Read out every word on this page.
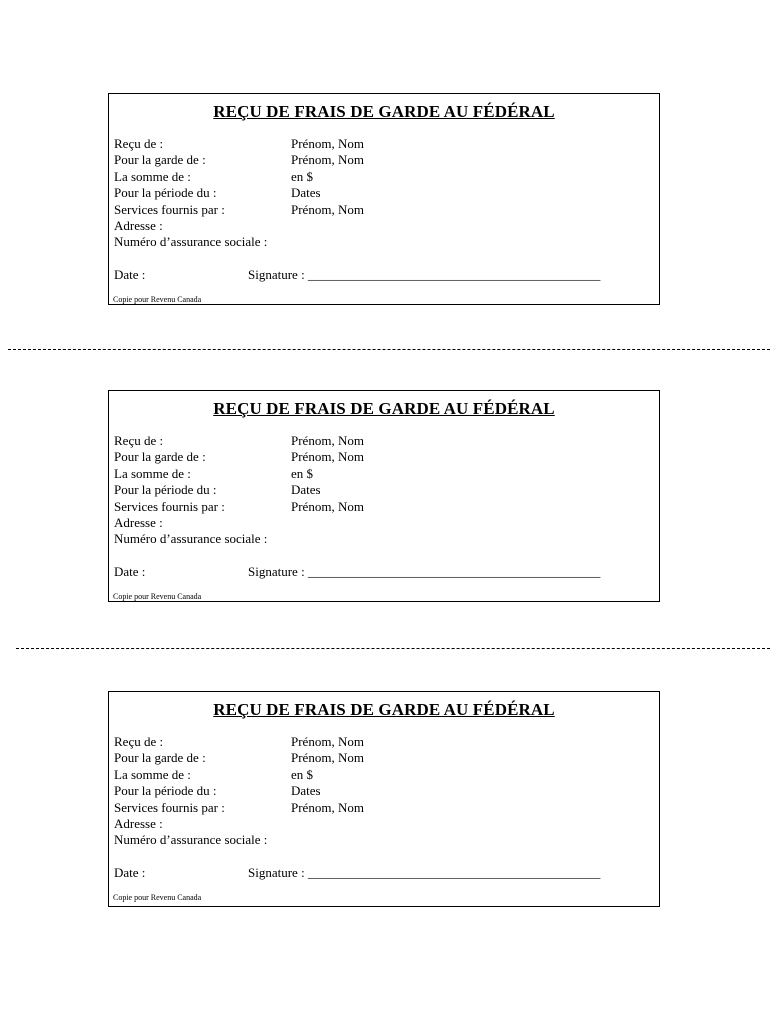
REÇU DE FRAIS DE GARDE AU FÉDÉRAL
Reçu de :	Prénom, Nom
Pour la garde de :	Prénom, Nom
La somme de :	en $
Pour la période du :	Dates
Services fournis par :	Prénom, Nom
Adresse :
Numéro d’assurance sociale :
Date :	Signature : _____________________________________________
Copie pour Revenu Canada
REÇU DE FRAIS DE GARDE AU FÉDÉRAL
Reçu de :	Prénom, Nom
Pour la garde de :	Prénom, Nom
La somme de :	en $
Pour la période du :	Dates
Services fournis par :	Prénom, Nom
Adresse :
Numéro d’assurance sociale :
Date :	Signature : _____________________________________________
Copie pour Revenu Canada
REÇU DE FRAIS DE GARDE AU FÉDÉRAL
Reçu de :	Prénom, Nom
Pour la garde de :	Prénom, Nom
La somme de :	en $
Pour la période du :	Dates
Services fournis par :	Prénom, Nom
Adresse :
Numéro d’assurance sociale :
Date :	Signature : _____________________________________________
Copie pour Revenu Canada
